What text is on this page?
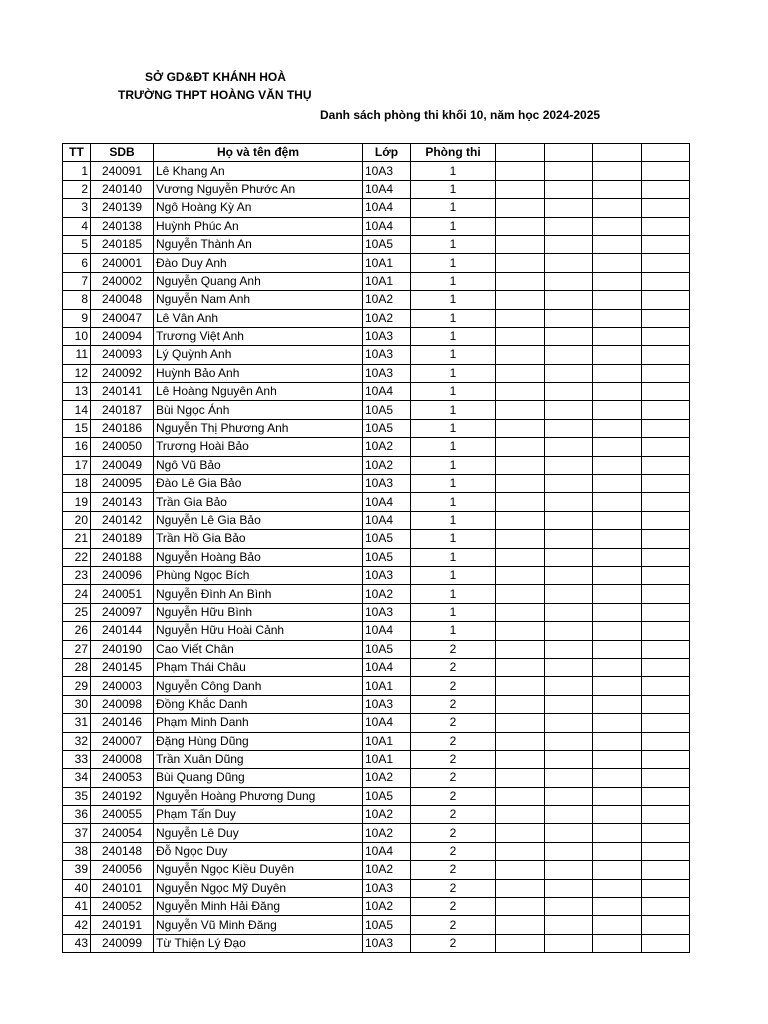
SỞ GD&ĐT KHÁNH HOÀ
TRƯỜNG THPT HOÀNG VĂN THỤ
Danh sách phòng thi khối 10, năm học 2024-2025
TT	SDB	Họ và tên đệm	Lớp	Phòng thi				
1	240091	Lê Khang An	10A3	1				
2	240140	Vương Nguyễn Phước An	10A4	1				
3	240139	Ngô Hoàng Kỳ An	10A4	1				
4	240138	Huỳnh Phúc An	10A4	1				
5	240185	Nguyễn Thành An	10A5	1				
6	240001	Đào Duy Anh	10A1	1				
7	240002	Nguyễn Quang Anh	10A1	1				
8	240048	Nguyễn Nam Anh	10A2	1				
9	240047	Lê Vân Anh	10A2	1				
10	240094	Trương Việt Anh	10A3	1				
11	240093	Lý Quỳnh Anh	10A3	1				
12	240092	Huỳnh Bảo Anh	10A3	1				
13	240141	Lê Hoàng Nguyên Anh	10A4	1				
14	240187	Bùi Ngọc Ánh	10A5	1				
15	240186	Nguyễn Thị Phương Anh	10A5	1				
16	240050	Trương Hoài Bảo	10A2	1				
17	240049	Ngô Vũ Bảo	10A2	1				
18	240095	Đào Lê Gia Bảo	10A3	1				
19	240143	Trần Gia Bảo	10A4	1				
20	240142	Nguyễn Lê Gia Bảo	10A4	1				
21	240189	Trần Hồ Gia Bảo	10A5	1				
22	240188	Nguyễn Hoàng Bảo	10A5	1				
23	240096	Phùng Ngọc Bích	10A3	1				
24	240051	Nguyễn Đình An Bình	10A2	1				
25	240097	Nguyễn Hữu Bình	10A3	1				
26	240144	Nguyễn Hữu Hoài Cảnh	10A4	1				
27	240190	Cao Viết Chân	10A5	2				
28	240145	Phạm Thái Châu	10A4	2				
29	240003	Nguyễn Công Danh	10A1	2				
30	240098	Đồng Khắc Danh	10A3	2				
31	240146	Phạm Minh Danh	10A4	2				
32	240007	Đặng Hùng Dũng	10A1	2				
33	240008	Trần Xuân Dũng	10A1	2				
34	240053	Bùi Quang Dũng	10A2	2				
35	240192	Nguyễn Hoàng Phương Dung	10A5	2				
36	240055	Phạm Tấn Duy	10A2	2				
37	240054	Nguyễn Lê Duy	10A2	2				
38	240148	Đỗ Ngọc Duy	10A4	2				
39	240056	Nguyễn Ngọc Kiều Duyên	10A2	2				
40	240101	Nguyễn Ngọc Mỹ Duyên	10A3	2				
41	240052	Nguyễn Minh Hải Đăng	10A2	2				
42	240191	Nguyễn Vũ Minh Đăng	10A5	2				
43	240099	Từ Thiện Lý Đạo	10A3	2				
